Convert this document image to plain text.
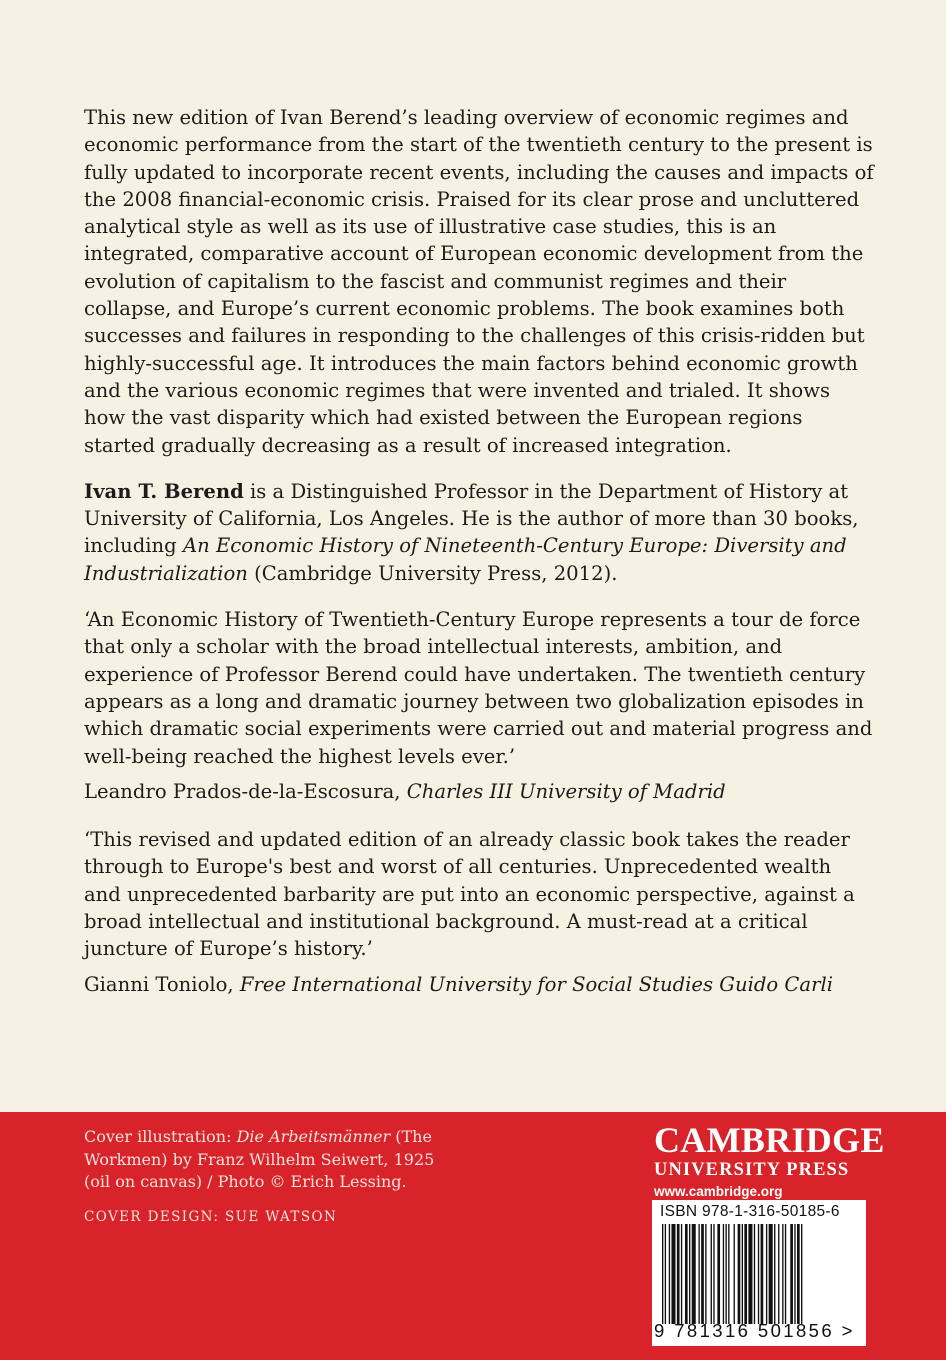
This new edition of Ivan Berend’s leading overview of economic regimes and economic performance from the start of the twentieth century to the present is fully updated to incorporate recent events, including the causes and impacts of the 2008 financial-economic crisis. Praised for its clear prose and uncluttered analytical style as well as its use of illustrative case studies, this is an integrated, comparative account of European economic development from the evolution of capitalism to the fascist and communist regimes and their collapse, and Europe’s current economic problems. The book examines both successes and failures in responding to the challenges of this crisis-ridden but highly-successful age. It introduces the main factors behind economic growth and the various economic regimes that were invented and trialed. It shows how the vast disparity which had existed between the European regions started gradually decreasing as a result of increased integration.

Ivan T. Berend is a Distinguished Professor in the Department of History at University of California, Los Angeles. He is the author of more than 30 books, including An Economic History of Nineteenth-Century Europe: Diversity and Industrialization (Cambridge University Press, 2012).

‘An Economic History of Twentieth-Century Europe represents a tour de force that only a scholar with the broad intellectual interests, ambition, and experience of Professor Berend could have undertaken. The twentieth century appears as a long and dramatic journey between two globalization episodes in which dramatic social experiments were carried out and material progress and well-being reached the highest levels ever.’

Leandro Prados-de-la-Escosura, Charles III University of Madrid

‘This revised and updated edition of an already classic book takes the reader through to Europe's best and worst of all centuries. Unprecedented wealth and unprecedented barbarity are put into an economic perspective, against a broad intellectual and institutional background. A must-read at a critical juncture of Europe’s history.’

Gianni Toniolo, Free International University for Social Studies Guido Carli

Cover illustration: Die Arbeitsmänner (The Workmen) by Franz Wilhelm Seiwert, 1925 (oil on canvas) / Photo © Erich Lessing.
COVER DESIGN: SUE WATSON
CAMBRIDGE
UNIVERSITY PRESS
www.cambridge.org
ISBN 978-1-316-50185-6
9 781316 501856 >
